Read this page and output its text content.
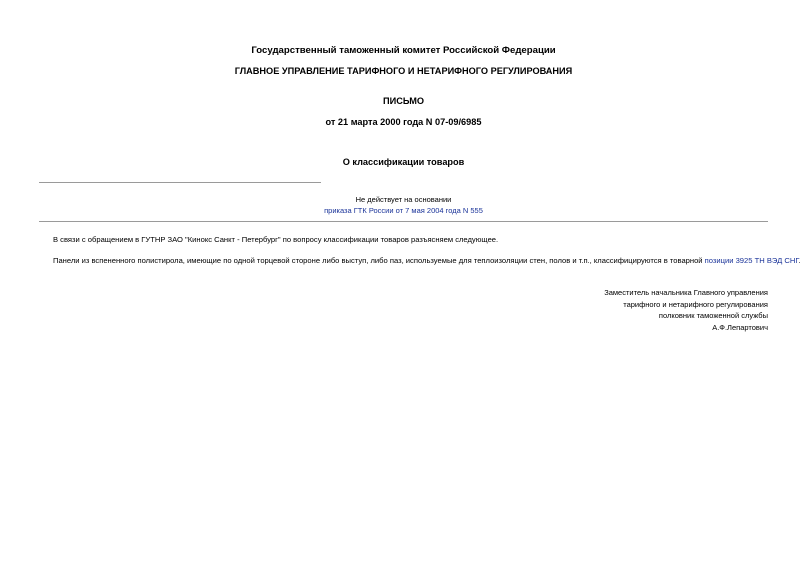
Государственный таможенный комитет Российской Федерации
ГЛАВНОЕ УПРАВЛЕНИЕ ТАРИФНОГО И НЕТАРИФНОГО РЕГУЛИРОВАНИЯ
ПИСЬМО
от 21 марта 2000 года N 07-09/6985
О классификации товаров
Не действует на основании
приказа ГТК России от 7 мая 2004 года N 555
В связи с обращением в ГУТНР ЗАО "Кинокс Санкт - Петербург" по вопросу классификации товаров разъясняем следующее.
Панели из вспененного полистирола, имеющие по одной торцевой стороне либо выступ, либо паз, используемые для теплоизоляции стен, полов и т.п., классифицируются в товарной позиции 3925 ТН ВЭД СНГ.
Заместитель начальника Главного управления
тарифного и нетарифного регулирования
полковник таможенной службы
А.Ф.Лепартович
